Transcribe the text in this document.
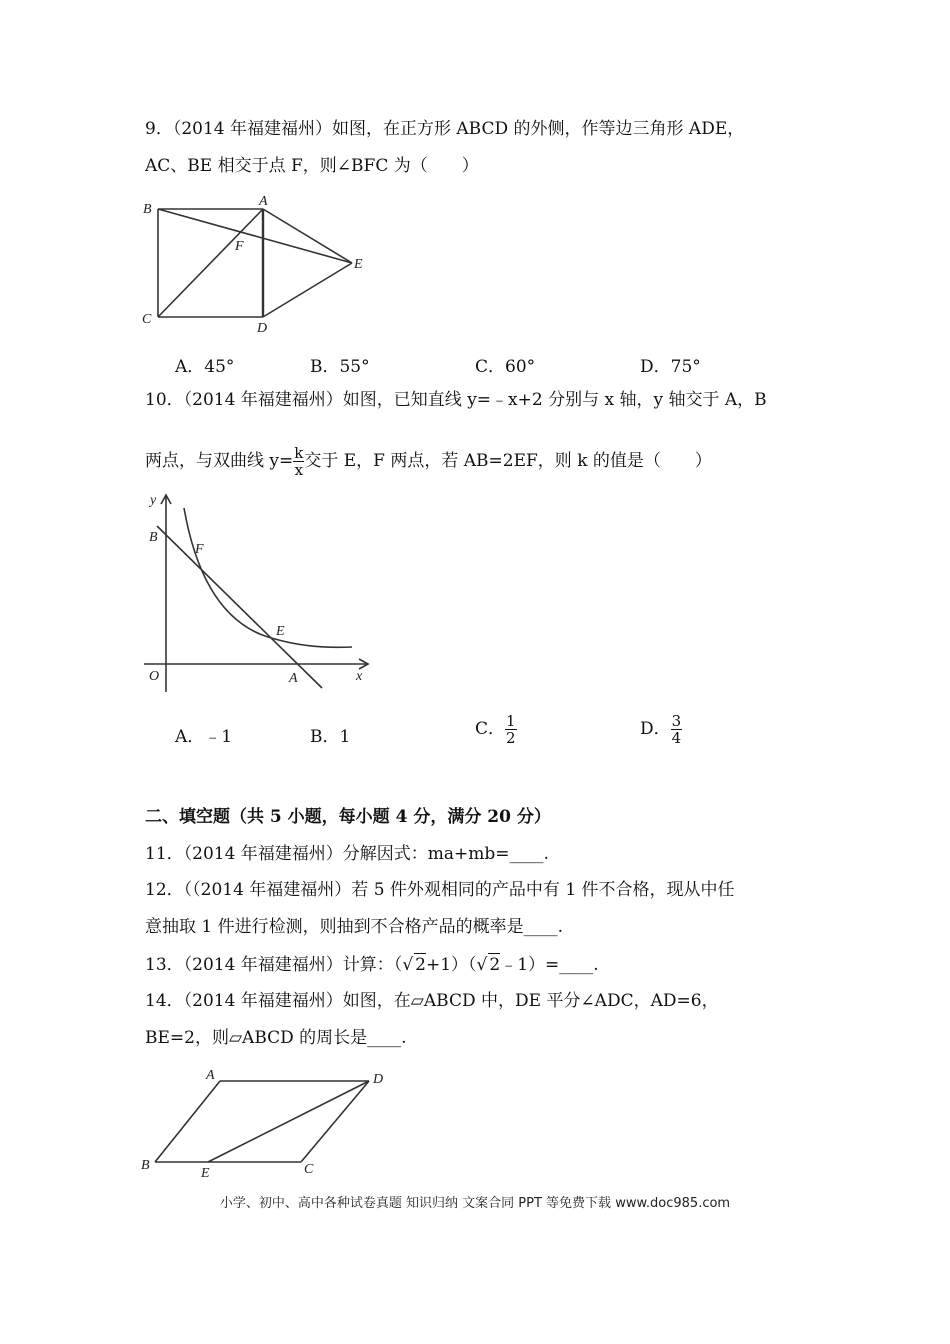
9．（2014 年福建福州）如图，在正方形 ABCD 的外侧，作等边三角形 ADE，
AC、BE 相交于点 F，则∠BFC 为（　　）
A
B
C
D
E
F
A．45°	B．55°	C．60°	D．75°
10．（2014 年福建福州）如图，已知直线 y=﹣x+2 分别与 x 轴，y 轴交于 A，B
两点，与双曲线 $y= \frac{k}{x}$ 交于 E，F 两点，若 AB=2EF，则 k 的值是（　　）
y
x
O	A
B
E
F
A．﹣1	B．1	C． $\frac{1}{2}$	D． $\frac{3}{4}$
二、填空题（共 5 小题，每小题 4 分，满分 20 分）
11．（2014 年福建福州）分解因式：ma+mb=____.
12．（（2014 年福建福州）若 5 件外观相同的产品中有 1 件不合格，现从中任
意抽取 1 件进行检测，则抽到不合格产品的概率是____.
13．（2014 年福建福州）计算：（√ 2+1）（√ 2﹣1）=____.
14．（2014 年福建福州）如图，在▱ABCD 中，DE 平分∠ADC，AD=6，
BE=2，则▱ABCD 的周长是____.
A
B	C
D
E
小学、初中、高中各种试卷真题 知识归纳 文案合同 PPT 等免费下载 www.doc985.com
